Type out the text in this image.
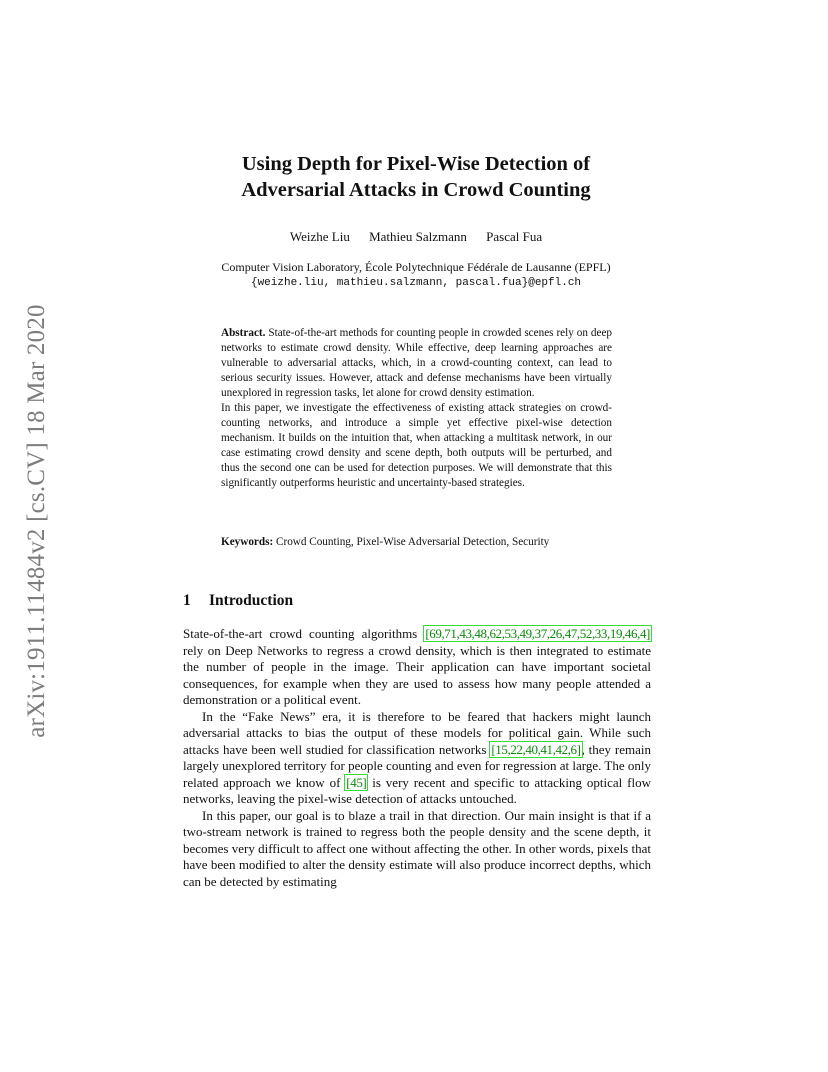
arXiv:1911.11484v2 [cs.CV] 18 Mar 2020
Using Depth for Pixel-Wise Detection of
Adversarial Attacks in Crowd Counting
Weizhe Liu Mathieu Salzmann Pascal Fua
Computer Vision Laboratory, École Polytechnique Fédérale de Lausanne (EPFL)
{weizhe.liu, mathieu.salzmann, pascal.fua}@epfl.ch

Abstract. State-of-the-art methods for counting people in crowded scenes rely on deep networks to estimate crowd density. While effective, deep learning approaches are vulnerable to adversarial attacks, which, in a crowd-counting context, can lead to serious security issues. However, attack and defense mechanisms have been virtually unexplored in regression tasks, let alone for crowd density estimation.

In this paper, we investigate the effectiveness of existing attack strategies on crowd-counting networks, and introduce a simple yet effective pixel-wise detection mechanism. It builds on the intuition that, when attacking a multitask network, in our case estimating crowd density and scene depth, both outputs will be perturbed, and thus the second one can be used for detection purposes. We will demonstrate that this significantly outperforms heuristic and uncertainty-based strategies.

Keywords: Crowd Counting, Pixel-Wise Adversarial Detection, Security
1 Introduction

State-of-the-art crowd counting algorithms [69,71,43,48,62,53,49,37,26,47,52,33,19,46,4] rely on Deep Networks to regress a crowd density, which is then integrated to estimate the number of people in the image. Their application can have important societal consequences, for example when they are used to assess how many people attended a demonstration or a political event.

In the “Fake News” era, it is therefore to be feared that hackers might launch adversarial attacks to bias the output of these models for political gain. While such attacks have been well studied for classification networks [15,22,40,41,42,6], they remain largely unexplored territory for people counting and even for regression at large. The only related approach we know of [45] is very recent and specific to attacking optical flow networks, leaving the pixel-wise detection of attacks untouched.

In this paper, our goal is to blaze a trail in that direction. Our main insight is that if a two-stream network is trained to regress both the people density and the scene depth, it becomes very difficult to affect one without affecting the other. In other words, pixels that have been modified to alter the density estimate will also produce incorrect depths, which can be detected by estimating
